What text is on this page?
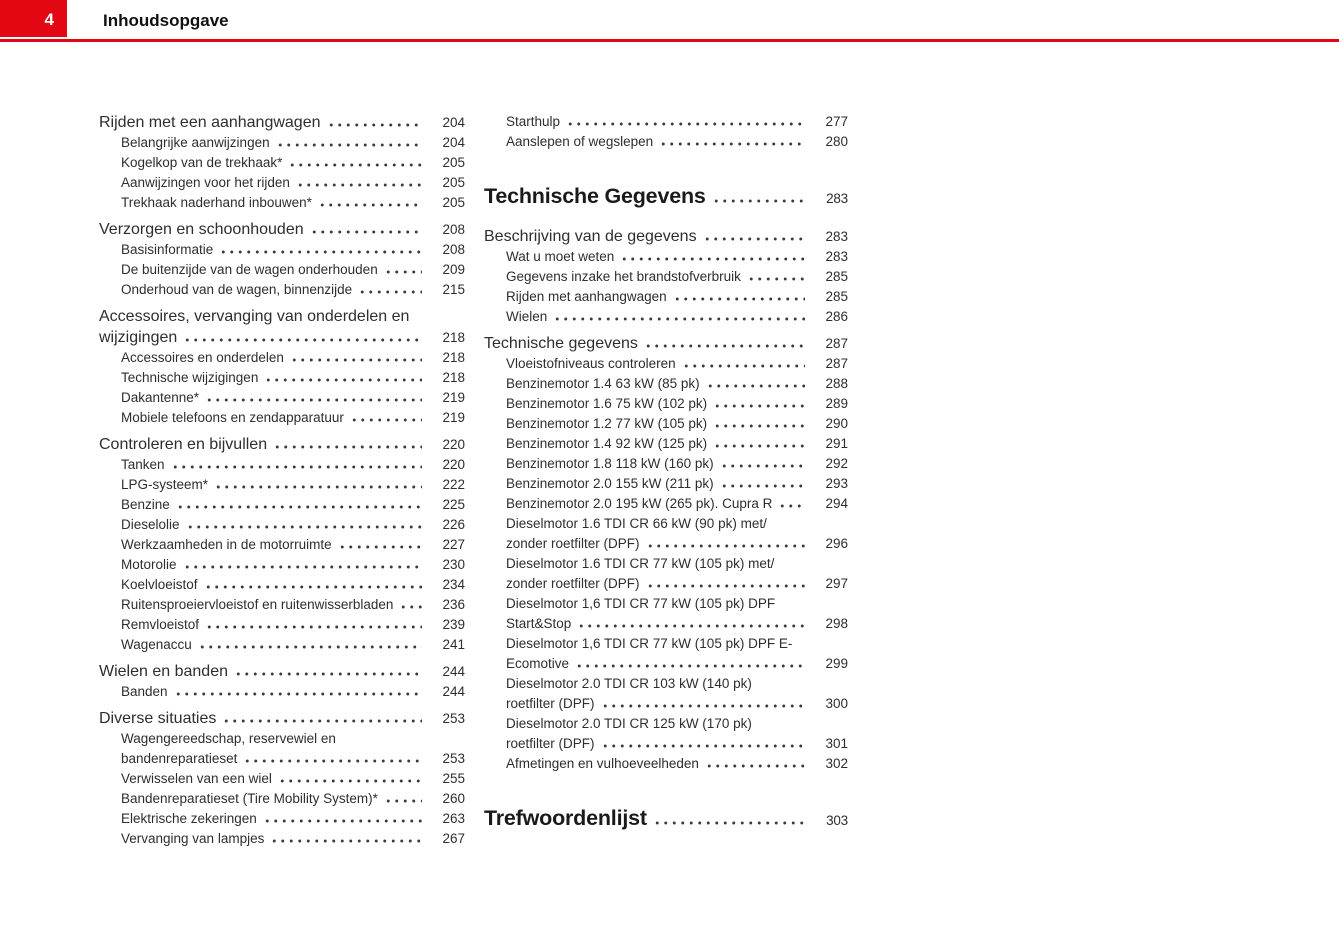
4	Inhoudsopgave
Rijden met een aanhangwagen	204
Belangrijke aanwijzingen	204
Kogelkop van de trekhaak*	205
Aanwijzingen voor het rijden	205
Trekhaak naderhand inbouwen*	205
Verzorgen en schoonhouden	208
Basisinformatie	208
De buitenzijde van de wagen onderhouden	209
Onderhoud van de wagen, binnenzijde	215
Accessoires, vervanging van onderdelen en
wijzigingen	218
Accessoires en onderdelen	218
Technische wijzigingen	218
Dakantenne*	219
Mobiele telefoons en zendapparatuur	219
Controleren en bijvullen	220
Tanken	220
LPG-systeem*	222
Benzine	225
Dieselolie	226
Werkzaamheden in de motorruimte	227
Motorolie	230
Koelvloeistof	234
Ruitensproeiervloeistof en ruitenwisserbladen	236
Remvloeistof	239
Wagenaccu	241
Wielen en banden	244
Banden	244
Diverse situaties	253
Wagengereedschap, reservewiel en
bandenreparatieset	253
Verwisselen van een wiel	255
Bandenreparatieset (Tire Mobility System)*	260
Elektrische zekeringen	263
Vervanging van lampjes	267
Starthulp	277
Aanslepen of wegslepen	280
Technische Gegevens	283
Beschrijving van de gegevens	283
Wat u moet weten	283
Gegevens inzake het brandstofverbruik	285
Rijden met aanhangwagen	285
Wielen	286
Technische gegevens	287
Vloeistofniveaus controleren	287
Benzinemotor 1.4 63 kW (85 pk)	288
Benzinemotor 1.6 75 kW (102 pk)	289
Benzinemotor 1.2 77 kW (105 pk)	290
Benzinemotor 1.4 92 kW (125 pk)	291
Benzinemotor 1.8 118 kW (160 pk)	292
Benzinemotor 2.0 155 kW (211 pk)	293
Benzinemotor 2.0 195 kW (265 pk). Cupra R	294
Dieselmotor 1.6 TDI CR 66 kW (90 pk) met/
zonder roetfilter (DPF)	296
Dieselmotor 1.6 TDI CR 77 kW (105 pk) met/
zonder roetfilter (DPF)	297
Dieselmotor 1,6 TDI CR 77 kW (105 pk) DPF
Start&Stop	298
Dieselmotor 1,6 TDI CR 77 kW (105 pk) DPF E-
Ecomotive	299
Dieselmotor 2.0 TDI CR 103 kW (140 pk)
roetfilter (DPF)	300
Dieselmotor 2.0 TDI CR 125 kW (170 pk)
roetfilter (DPF)	301
Afmetingen en vulhoeveelheden	302
Trefwoordenlijst	303
